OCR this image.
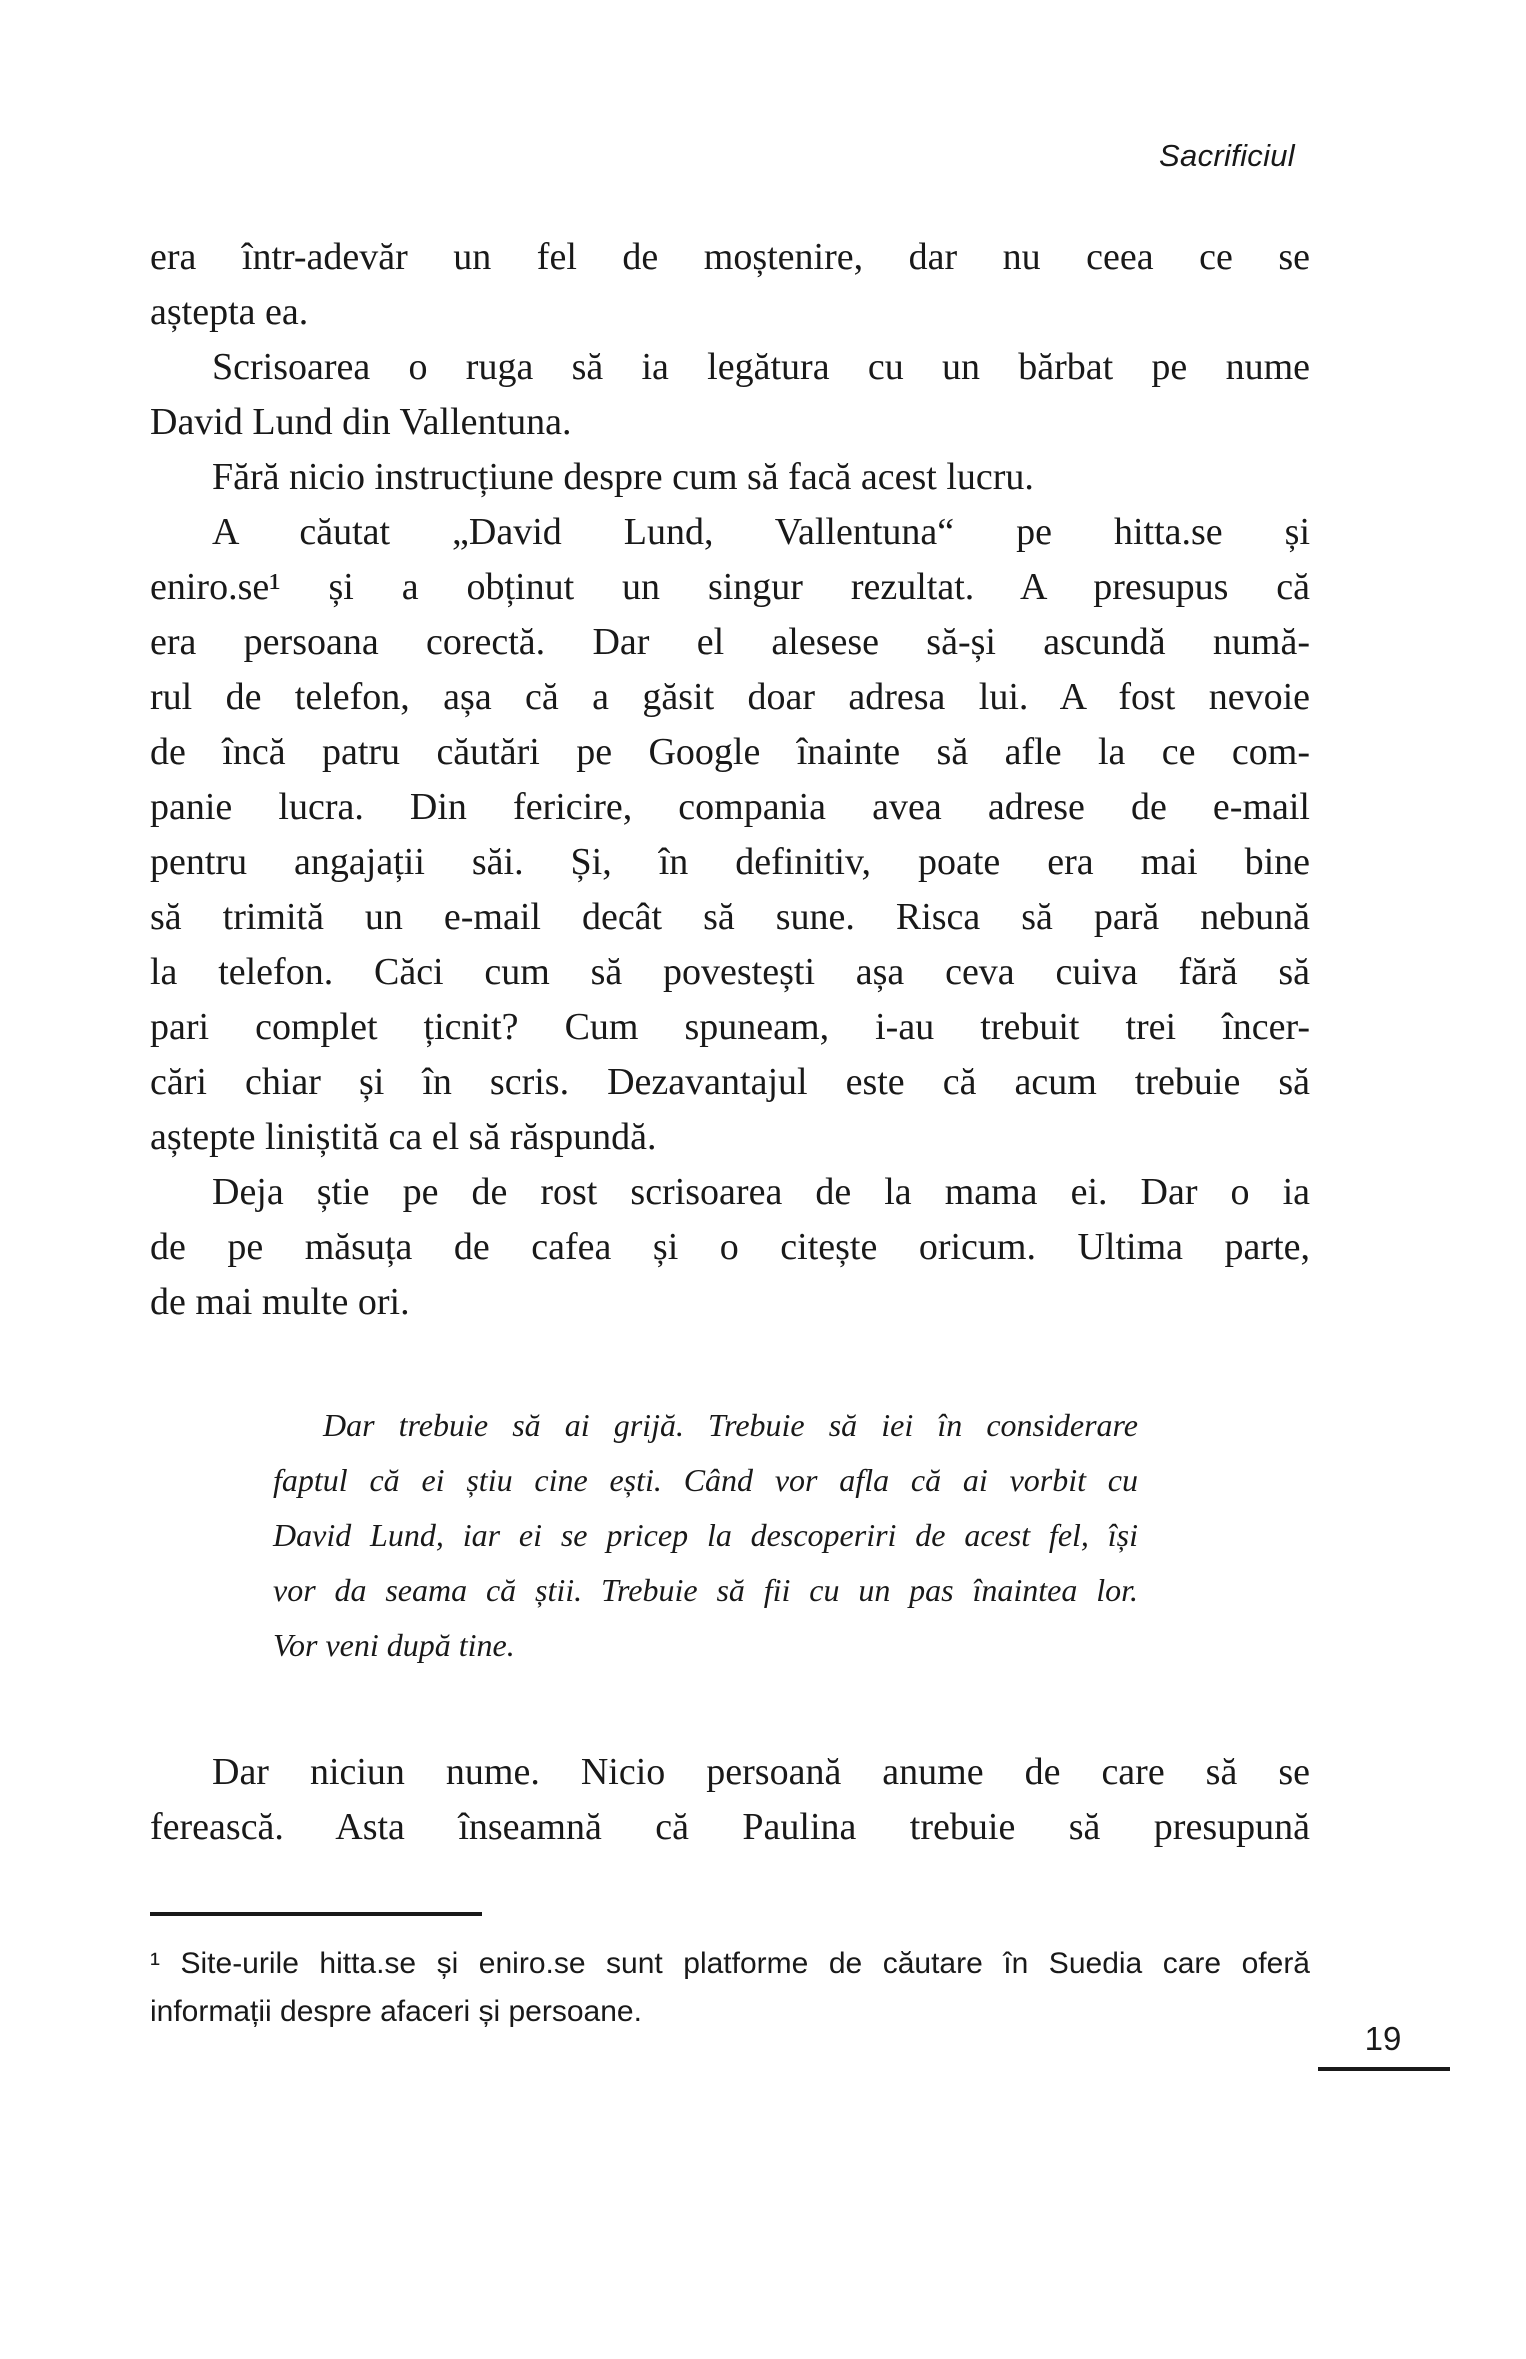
Sacrificiul
era într-adevăr un fel de moștenire, dar nu ceea ce se
aștepta ea.
Scrisoarea o ruga să ia legătura cu un bărbat pe nume
David Lund din Vallentuna.
Fără nicio instrucțiune despre cum să facă acest lucru.
A căutat „David Lund, Vallentuna“ pe hitta.se și
eniro.se¹ și a obținut un singur rezultat. A presupus că
era persoana corectă. Dar el alesese să-și ascundă numă-
rul de telefon, așa că a găsit doar adresa lui. A fost nevoie
de încă patru căutări pe Google înainte să afle la ce com-
panie lucra. Din fericire, compania avea adrese de e-mail
pentru angajații săi. Și, în definitiv, poate era mai bine
să trimită un e-mail decât să sune. Risca să pară nebună
la telefon. Căci cum să povestești așa ceva cuiva fără să
pari complet țicnit? Cum spuneam, i-au trebuit trei încer-
cări chiar și în scris. Dezavantajul este că acum trebuie să
aștepte liniștită ca el să răspundă.
Deja știe pe de rost scrisoarea de la mama ei. Dar o ia
de pe măsuța de cafea și o citește oricum. Ultima parte,
de mai multe ori.
Dar trebuie să ai grijă. Trebuie să iei în considerare
faptul că ei știu cine ești. Când vor afla că ai vorbit cu
David Lund, iar ei se pricep la descoperiri de acest fel, își
vor da seama că știi. Trebuie să fii cu un pas înaintea lor.
Vor veni după tine.
Dar niciun nume. Nicio persoană anume de care să se
ferească. Asta înseamnă că Paulina trebuie să presupună
¹ Site-urile hitta.se și eniro.se sunt platforme de căutare în Suedia care oferă
informații despre afaceri și persoane.
19
